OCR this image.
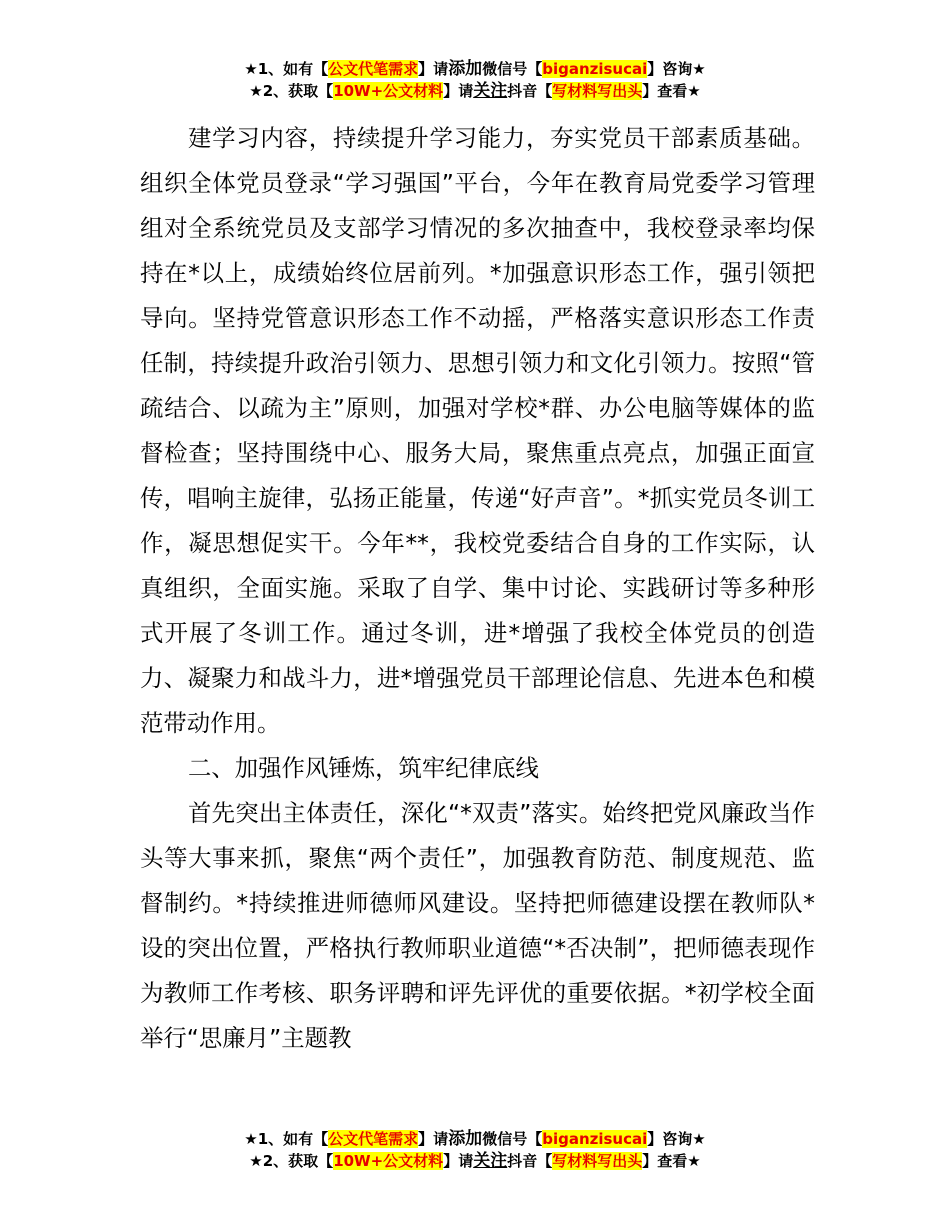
★1、如有【公文代笔需求】请添加微信号【biganzisucai】咨询★
★2、获取【10W+公文材料】请关注抖音【写材料写出头】查看★

建学习内容，持续提升学习能力，夯实党员干部素质基础。组织全体党员登录“学习强国”平台，今年在教育局党委学习管理组对全系统党员及支部学习情况的多次抽查中，我校登录率均保持在*以上，成绩始终位居前列。*加强意识形态工作，强引领把导向。坚持党管意识形态工作不动摇，严格落实意识形态工作责任制，持续提升政治引领力、思想引领力和文化引领力。按照“管疏结合、以疏为主”原则，加强对学校*群、办公电脑等媒体的监督检查；坚持围绕中心、服务大局，聚焦重点亮点，加强正面宣传，唱响主旋律，弘扬正能量，传递“好声音”。*抓实党员冬训工作，凝思想促实干。今年**，我校党委结合自身的工作实际，认真组织，全面实施。采取了自学、集中讨论、实践研讨等多种形式开展了冬训工作。通过冬训，进*增强了我校全体党员的创造力、凝聚力和战斗力，进*增强党员干部理论信息、先进本色和模范带动作用。

二、加强作风锤炼，筑牢纪律底线

首先突出主体责任，深化“*双责”落实。始终把党风廉政当作头等大事来抓，聚焦“两个责任”，加强教育防范、制度规范、监督制约。*持续推进师德师风建设。坚持把师德建设摆在教师队*设的突出位置，严格执行教师职业道德“*否决制”，把师德表现作为教师工作考核、职务评聘和评先评优的重要依据。*初学校全面举行“思廉月”主题教

★1、如有【公文代笔需求】请添加微信号【biganzisucai】咨询★
★2、获取【10W+公文材料】请关注抖音【写材料写出头】查看★
